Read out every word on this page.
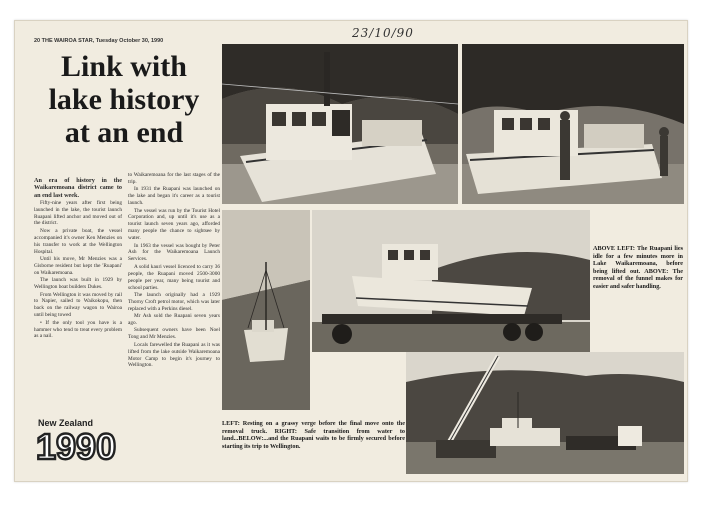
23/10/90
20 THE WAIROA STAR, Tuesday October 30, 1990
Link with
lake history
at an end

An era of history in the Waikaremoana district came to an end last week.

Fifty-nine years after first being launched in the lake, the tourist launch Ruapani lifted anchor and moved out of the district.

Now a private boat, the vessel accompanied it's owner Ken Menzies on his transfer to work at the Wellington Hospital.

Until his move, Mr Menzies was a Gisborne resident but kept the 'Ruapani' on Waikaremoana.

The launch was built in 1929 by Wellington boat builders Dukes.

From Wellington it was moved by rail to Napier, sailed to Waikokopu, then back on the railway wagon to Wairoa until being towed

• If the only tool you have is a hammer who tend to treat every problem as a nail.

to Waikaremoana for the last stages of the trip.

In 1931 the Ruapani was launched on the lake and began it's career as a tourist launch.

The vessel was run by the Tourist Hotel Corporation and, up until it's use as a tourist launch seven years ago, afforded many people the chance to sightsee by water.

In 1963 the vessel was bought by Peter Ash for the Waikaremoana Launch Services.

A solid kauri vessel licenced to carry 36 people, the Ruapani moved 2500-3000 people per year, many being tourist and school parties.

The launch originally had a 1929 Thorny Croft petrol motor, which was later replaced with a Perkins diesel.

Mr Ash sold the Ruapani seven years ago.

Subsequent owners have been Noel Tong and Mr Menzies.

Locals farewelled the Ruapani as it was lifted from the lake outside Waikaremoana Motor Camp to begin it's journey to Wellington.

New Zealand
1990
ABOVE LEFT: The Ruapani lies idle for a few minutes more in Lake Waikaremoana, before being lifted out. ABOVE: The removal of the funnel makes for easier and safer handling.
LEFT: Resting on a grassy verge before the final move onto the removal truck. RIGHT: Safe transition from water to land...BELOW:...and the Ruapani waits to be firmly secured before starting its trip to Wellington.
